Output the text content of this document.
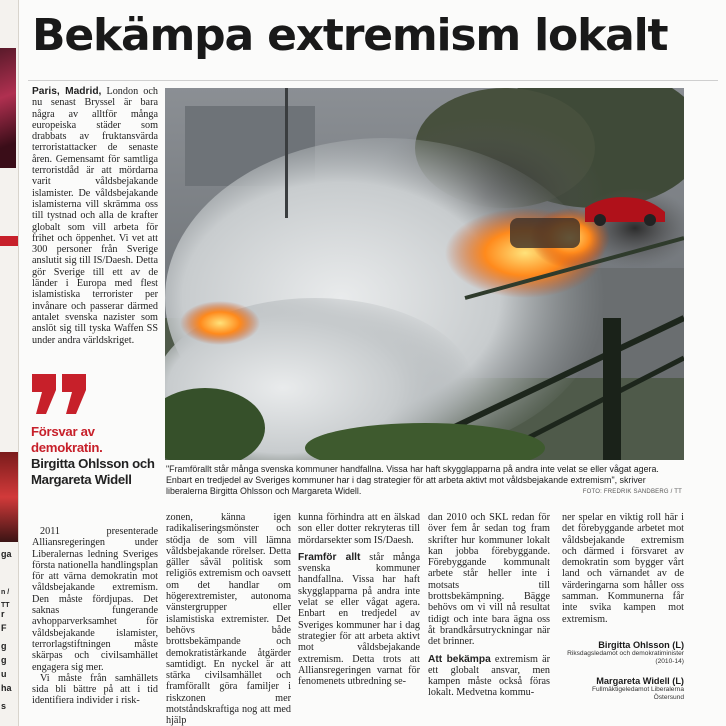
ga
n / TT
r
F
g
g
u
ha
s
Bekämpa extremism lokalt

Paris, Madrid, London och nu senast Bryssel är bara några av alltför många europeiska städer som drabbats av fruktansvärda terroristattacker de senaste åren. Gemensamt för samtliga terroristdåd är att mördarna varit våldsbejakande islamister. De våldsbejakande islamisterna vill skrämma oss till tystnad och alla de krafter globalt som vill arbeta för frihet och öppenhet. Vi vet att 300 personer från Sverige anslutit sig till IS/Daesh. Detta gör Sverige till ett av de länder i Europa med flest islamistiska terrorister per invånare och passerar därmed antalet svenska nazister som anslöt sig till tyska Waffen SS under andra världskriget.

Försvar av demokratin.
Birgitta Ohlsson och Margareta Widell
"Framförallt står många svenska kommuner handfallna. Vissa har haft skygglapparna på andra inte velat se eller vågat agera. Enbart en tredjedel av Sveriges kommuner har i dag strategier för att arbeta aktivt mot våldsbejakande extremism", skriver liberalerna Birgitta Ohlsson och Margareta Widell.	FOTO: FREDRIK SANDBERG / TT

2011 presenterade Alliansregeringen under Liberalernas ledning Sveriges första nationella handlingsplan för att värna demokratin mot våldsbejakande extremism. Den måste fördjupas. Det saknas fungerande avhopparverksamhet för våldsbejakande islamister, terrorlagstiftningen måste skärpas och civilsamhället engagera sig mer.

Vi måste från samhällets sida bli bättre på att i tid identifiera individer i risk-

zonen, känna igen radikaliseringsmönster och stödja de som vill lämna våldsbejakande rörelser. Detta gäller såväl politisk som religiös extremism och oavsett om det handlar om högerextremister, autonoma vänstergrupper eller islamistiska extremister. Det behövs både brottsbekämpande och demokratistärkande åtgärder samtidigt. En nyckel är att stärka civilsamhället och framförallt göra familjer i riskzonen mer motståndskraftiga nog att med hjälp

kunna förhindra att en älskad son eller dotter rekryteras till mördarsekter som IS/Daesh.

Framför allt står många svenska kommuner handfallna. Vissa har haft skygglapparna på andra inte velat se eller vågat agera. Enbart en tredjedel av Sveriges kommuner har i dag strategier för att arbeta aktivt mot våldsbejakande extremism. Detta trots att Alliansregeringen varnat för fenomenets utbredning se-

dan 2010 och SKL redan för över fem år sedan tog fram skrifter hur kommuner lokalt kan jobba förebyggande. Förebyggande kommunalt arbete står heller inte i motsats till brottsbekämpning. Bägge behövs om vi vill nå resultat tidigt och inte bara ägna oss åt brandkårsutryckningar när det brinner.

Att bekämpa extremism är ett globalt ansvar, men kampen måste också föras lokalt. Medvetna kommu-

ner spelar en viktig roll här i det förebyggande arbetet mot våldsbejakande extremism och därmed i försvaret av demokratin som bygger vårt land och värnandet av de värderingarna som håller oss samman. Kommunerna får inte svika kampen mot extremism.

Birgitta Ohlsson (L)
Riksdagsledamot och demokratiminister (2010-14)
Margareta Widell (L)
Fullmäktigeledamot Liberalerna Östersund
